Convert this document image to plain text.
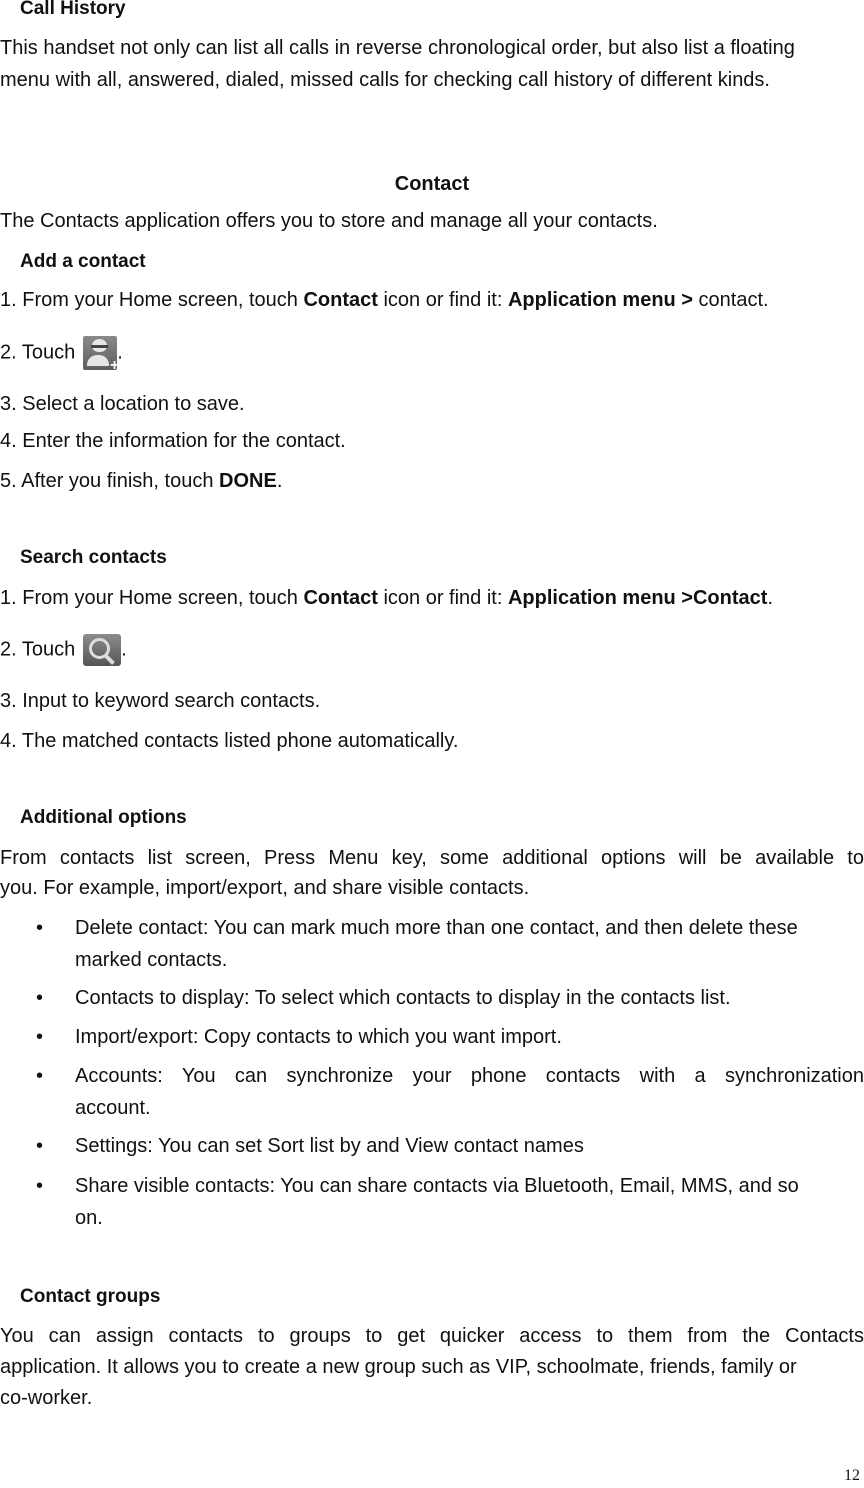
Call History
This handset not only can list all calls in reverse chronological order, but also list a floating
menu with all, answered, dialed, missed calls for checking call history of different kinds.
Contact
The Contacts application offers you to store and manage all your contacts.
Add a contact
1. From your Home screen, touch Contact icon or find it: Application menu > contact.
2. Touch
+
.
3. Select a location to save.
4. Enter the information for the contact.
5. After you finish, touch DONE.
Search contacts
1. From your Home screen, touch Contact icon or find it: Application menu >Contact.
2. Touch .
3. Input to keyword search contacts.
4. The matched contacts listed phone automatically.
Additional options
From contacts list screen, Press Menu key, some additional options will be available to
you. For example, import/export, and share visible contacts.
• Delete contact: You can mark much more than one contact, and then delete these
marked contacts.
• Contacts to display: To select which contacts to display in the contacts list.
• Import/export: Copy contacts to which you want import.
• Accounts: You can synchronize your phone contacts with a synchronization
account.
• Settings: You can set Sort list by and View contact names
• Share visible contacts: You can share contacts via Bluetooth, Email, MMS, and so
on.
Contact groups
You can assign contacts to groups to get quicker access to them from the Contacts
application. It allows you to create a new group such as VIP, schoolmate, friends, family or
co-worker.
12
